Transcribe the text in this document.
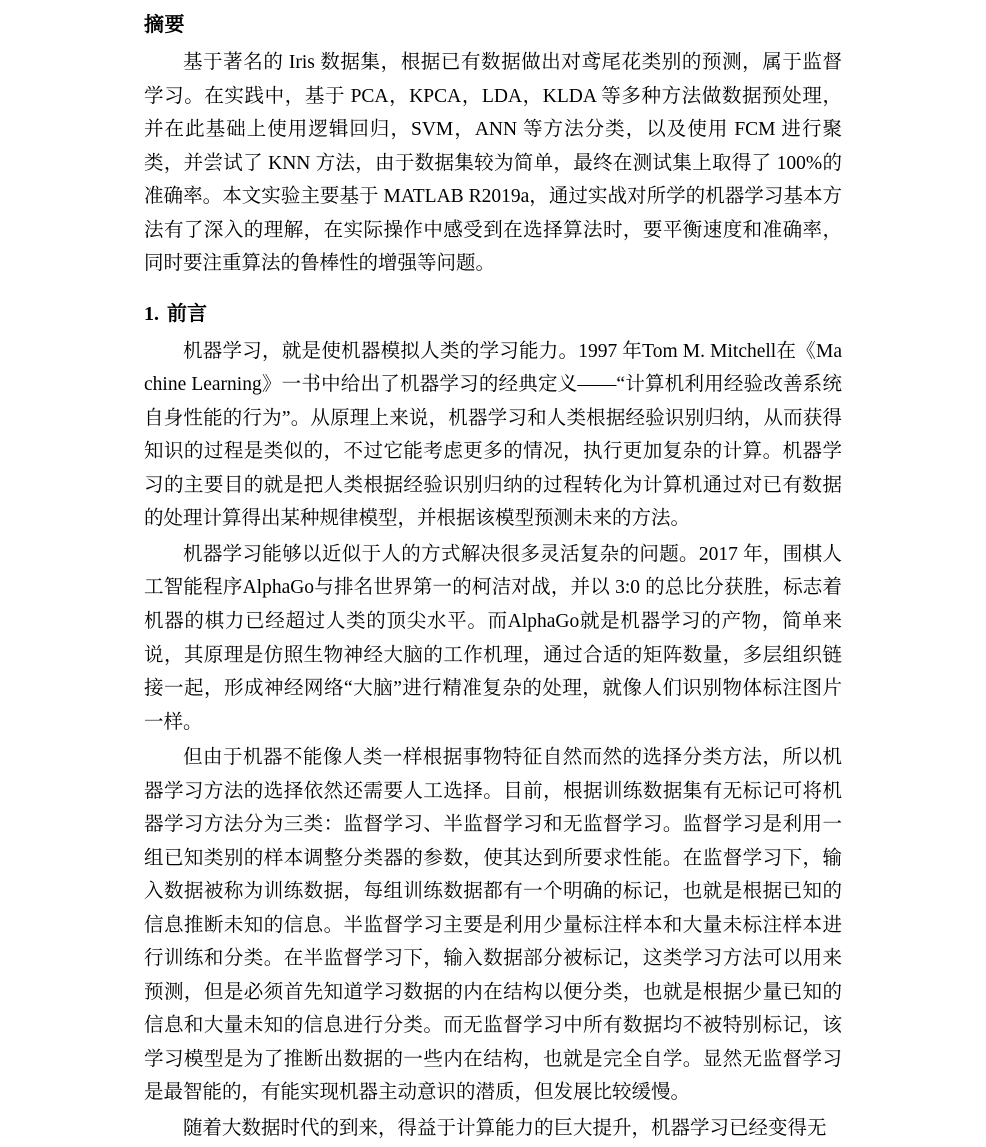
摘要

基于著名的 Iris 数据集，根据已有数据做出对鸢尾花类别的预测，属于监督学习。在实践中，基于 PCA，KPCA，LDA，KLDA 等多种方法做数据预处理，并在此基础上使用逻辑回归，SVM，ANN 等方法分类，以及使用 FCM 进行聚类，并尝试了 KNN 方法，由于数据集较为简单，最终在测试集上取得了 100%的准确率。本文实验主要基于 MATLAB R2019a，通过实战对所学的机器学习基本方法有了深入的理解，在实际操作中感受到在选择算法时，要平衡速度和准确率，同时要注重算法的鲁棒性的增强等问题。

1. 前言

机器学习，就是使机器模拟人类的学习能力。1997 年Tom M. Mitchell在《Machine Learning》一书中给出了机器学习的经典定义——“计算机利用经验改善系统自身性能的行为”。从原理上来说，机器学习和人类根据经验识别归纳，从而获得知识的过程是类似的，不过它能考虑更多的情况，执行更加复杂的计算。机器学习的主要目的就是把人类根据经验识别归纳的过程转化为计算机通过对已有数据的处理计算得出某种规律模型，并根据该模型预测未来的方法。

机器学习能够以近似于人的方式解决很多灵活复杂的问题。2017 年，围棋人工智能程序AlphaGo与排名世界第一的柯洁对战，并以 3:0 的总比分获胜，标志着机器的棋力已经超过人类的顶尖水平。而AlphaGo就是机器学习的产物，简单来说，其原理是仿照生物神经大脑的工作机理，通过合适的矩阵数量，多层组织链接一起，形成神经网络“大脑”进行精准复杂的处理，就像人们识别物体标注图片一样。

但由于机器不能像人类一样根据事物特征自然而然的选择分类方法，所以机器学习方法的选择依然还需要人工选择。目前，根据训练数据集有无标记可将机器学习方法分为三类：监督学习、半监督学习和无监督学习。监督学习是利用一组已知类别的样本调整分类器的参数，使其达到所要求性能。在监督学习下，输入数据被称为训练数据，每组训练数据都有一个明确的标记，也就是根据已知的信息推断未知的信息。半监督学习主要是利用少量标注样本和大量未标注样本进行训练和分类。在半监督学习下，输入数据部分被标记，这类学习方法可以用来预测，但是必须首先知道学习数据的内在结构以便分类，也就是根据少量已知的信息和大量未知的信息进行分类。而无监督学习中所有数据均不被特别标记，该学习模型是为了推断出数据的一些内在结构，也就是完全自学。显然无监督学习是最智能的，有能实现机器主动意识的潜质，但发展比较缓慢。

随着大数据时代的到来，得益于计算能力的巨大提升，机器学习已经变得无
